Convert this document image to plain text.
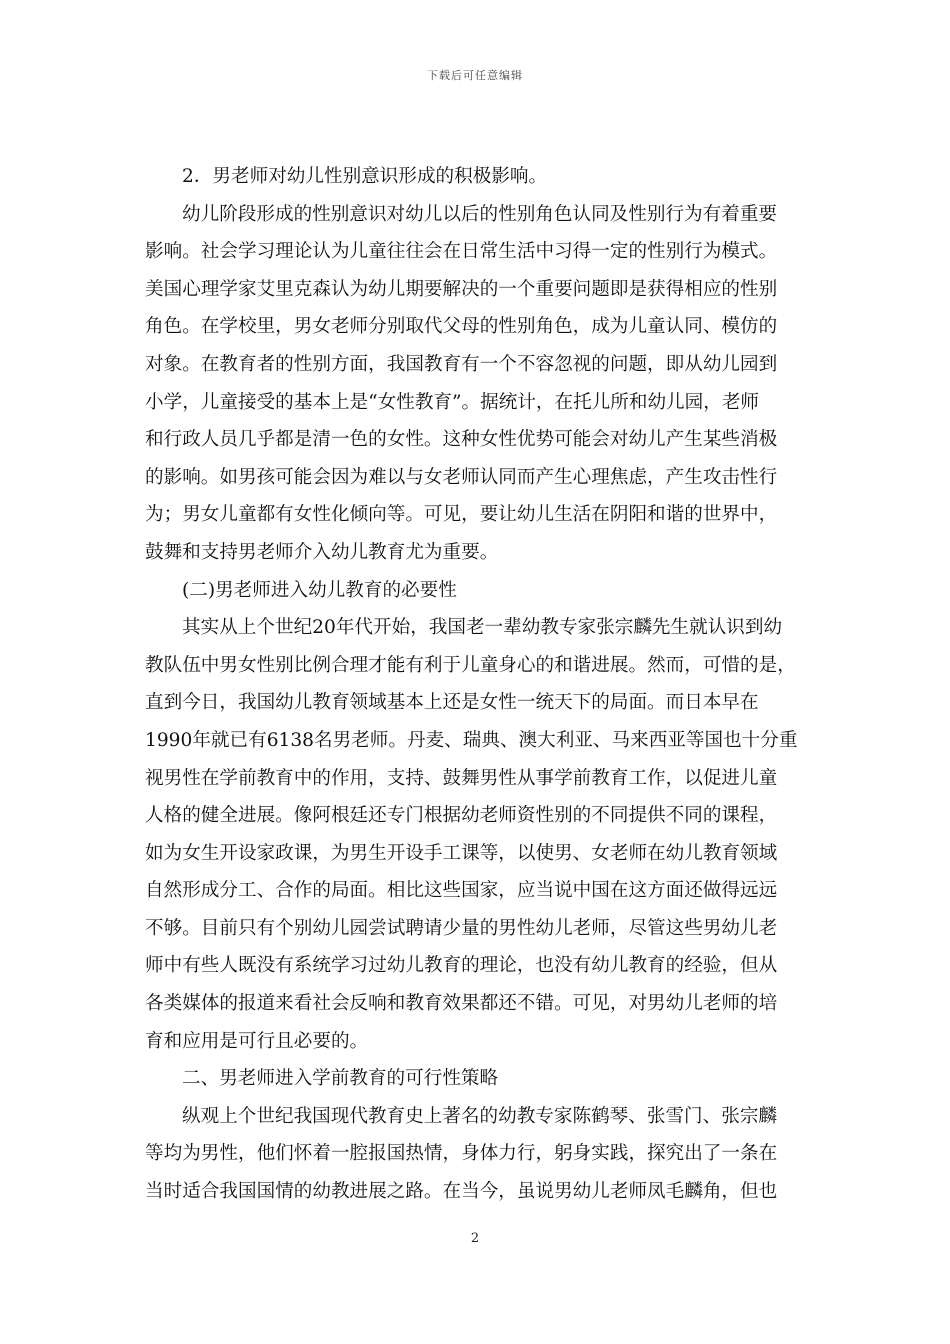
下载后可任意编辑

2．男老师对幼儿性别意识形成的积极影响。

幼儿阶段形成的性别意识对幼儿以后的性别角色认同及性别行为有着重要
影响。社会学习理论认为儿童往往会在日常生活中习得一定的性别行为模式。
美国心理学家艾里克森认为幼儿期要解决的一个重要问题即是获得相应的性别
角色。在学校里，男女老师分别取代父母的性别角色，成为儿童认同、模仿的
对象。在教育者的性别方面，我国教育有一个不容忽视的问题，即从幼儿园到
小学，儿童接受的基本上是“女性教育”。据统计，在托儿所和幼儿园，老师
和行政人员几乎都是清一色的女性。这种女性优势可能会对幼儿产生某些消极
的影响。如男孩可能会因为难以与女老师认同而产生心理焦虑，产生攻击性行
为；男女儿童都有女性化倾向等。可见，要让幼儿生活在阴阳和谐的世界中，
鼓舞和支持男老师介入幼儿教育尤为重要。

(二)男老师进入幼儿教育的必要性

其实从上个世纪20年代开始，我国老一辈幼教专家张宗麟先生就认识到幼
教队伍中男女性别比例合理才能有利于儿童身心的和谐进展。然而，可惜的是，
直到今日，我国幼儿教育领域基本上还是女性一统天下的局面。而日本早在
1990年就已有6138名男老师。丹麦、瑞典、澳大利亚、马来西亚等国也十分重
视男性在学前教育中的作用，支持、鼓舞男性从事学前教育工作，以促进儿童
人格的健全进展。像阿根廷还专门根据幼老师资性别的不同提供不同的课程，
如为女生开设家政课，为男生开设手工课等，以使男、女老师在幼儿教育领域
自然形成分工、合作的局面。相比这些国家，应当说中国在这方面还做得远远
不够。目前只有个别幼儿园尝试聘请少量的男性幼儿老师，尽管这些男幼儿老
师中有些人既没有系统学习过幼儿教育的理论，也没有幼儿教育的经验，但从
各类媒体的报道来看社会反响和教育效果都还不错。可见，对男幼儿老师的培
育和应用是可行且必要的。

二、男老师进入学前教育的可行性策略

纵观上个世纪我国现代教育史上著名的幼教专家陈鹤琴、张雪门、张宗麟
等均为男性，他们怀着一腔报国热情，身体力行，躬身实践，探究出了一条在
当时适合我国国情的幼教进展之路。在当今，虽说男幼儿老师凤毛麟角，但也

2
